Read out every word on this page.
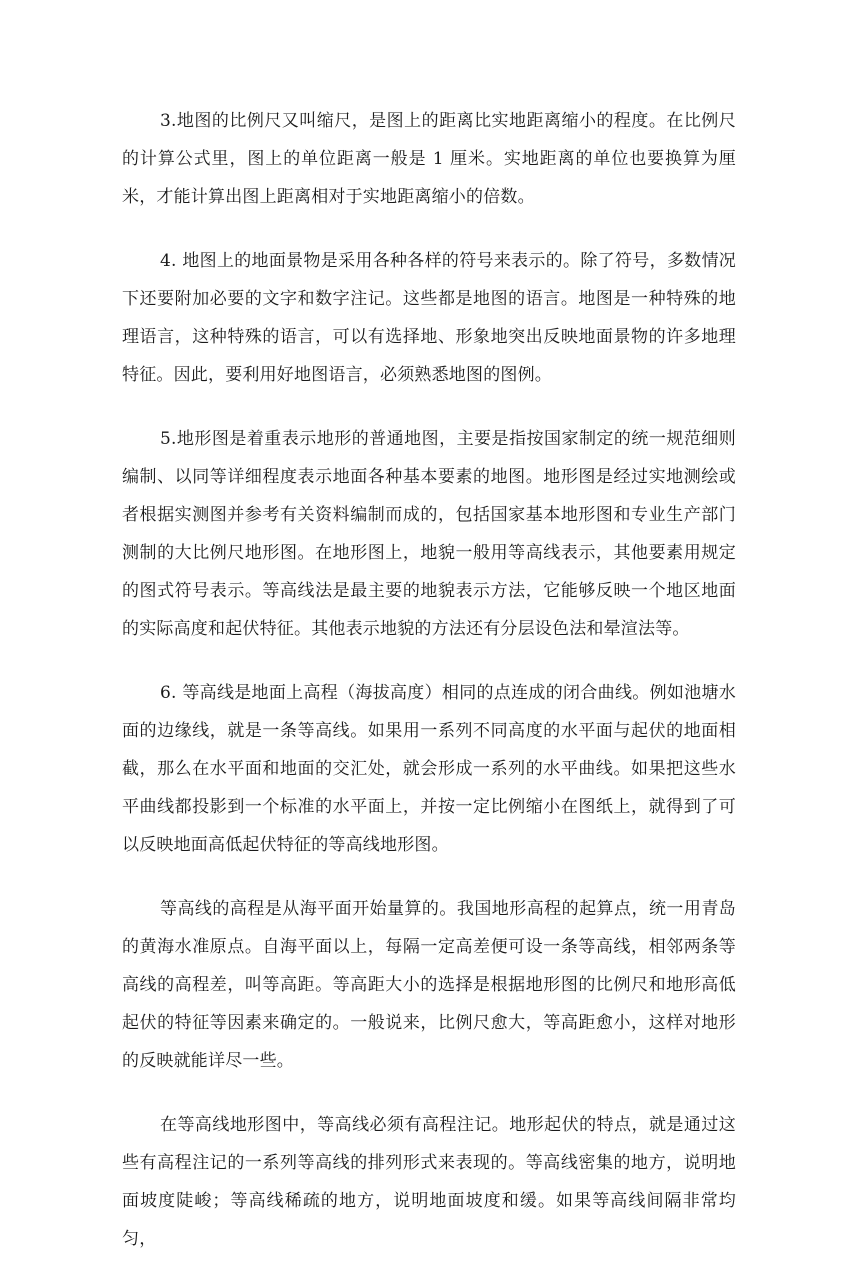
3.地图的比例尺又叫缩尺，是图上的距离比实地距离缩小的程度。在比例尺的计算公式里，图上的单位距离一般是 1 厘米。实地距离的单位也要换算为厘米，才能计算出图上距离相对于实地距离缩小的倍数。

4. 地图上的地面景物是采用各种各样的符号来表示的。除了符号，多数情况下还要附加必要的文字和数字注记。这些都是地图的语言。地图是一种特殊的地理语言，这种特殊的语言，可以有选择地、形象地突出反映地面景物的许多地理特征。因此，要利用好地图语言，必须熟悉地图的图例。

5.地形图是着重表示地形的普通地图，主要是指按国家制定的统一规范细则编制、以同等详细程度表示地面各种基本要素的地图。地形图是经过实地测绘或者根据实测图并参考有关资料编制而成的，包括国家基本地形图和专业生产部门测制的大比例尺地形图。在地形图上，地貌一般用等高线表示，其他要素用规定的图式符号表示。等高线法是最主要的地貌表示方法，它能够反映一个地区地面的实际高度和起伏特征。其他表示地貌的方法还有分层设色法和晕渲法等。

6. 等高线是地面上高程（海拔高度）相同的点连成的闭合曲线。例如池塘水面的边缘线，就是一条等高线。如果用一系列不同高度的水平面与起伏的地面相截，那么在水平面和地面的交汇处，就会形成一系列的水平曲线。如果把这些水平曲线都投影到一个标准的水平面上，并按一定比例缩小在图纸上，就得到了可以反映地面高低起伏特征的等高线地形图。

等高线的高程是从海平面开始量算的。我国地形高程的起算点，统一用青岛的黄海水准原点。自海平面以上，每隔一定高差便可设一条等高线，相邻两条等高线的高程差，叫等高距。等高距大小的选择是根据地形图的比例尺和地形高低起伏的特征等因素来确定的。一般说来，比例尺愈大，等高距愈小，这样对地形的反映就能详尽一些。

在等高线地形图中，等高线必须有高程注记。地形起伏的特点，就是通过这些有高程注记的一系列等高线的排列形式来表现的。等高线密集的地方，说明地面坡度陡峻；等高线稀疏的地方，说明地面坡度和缓。如果等高线间隔非常均匀，
